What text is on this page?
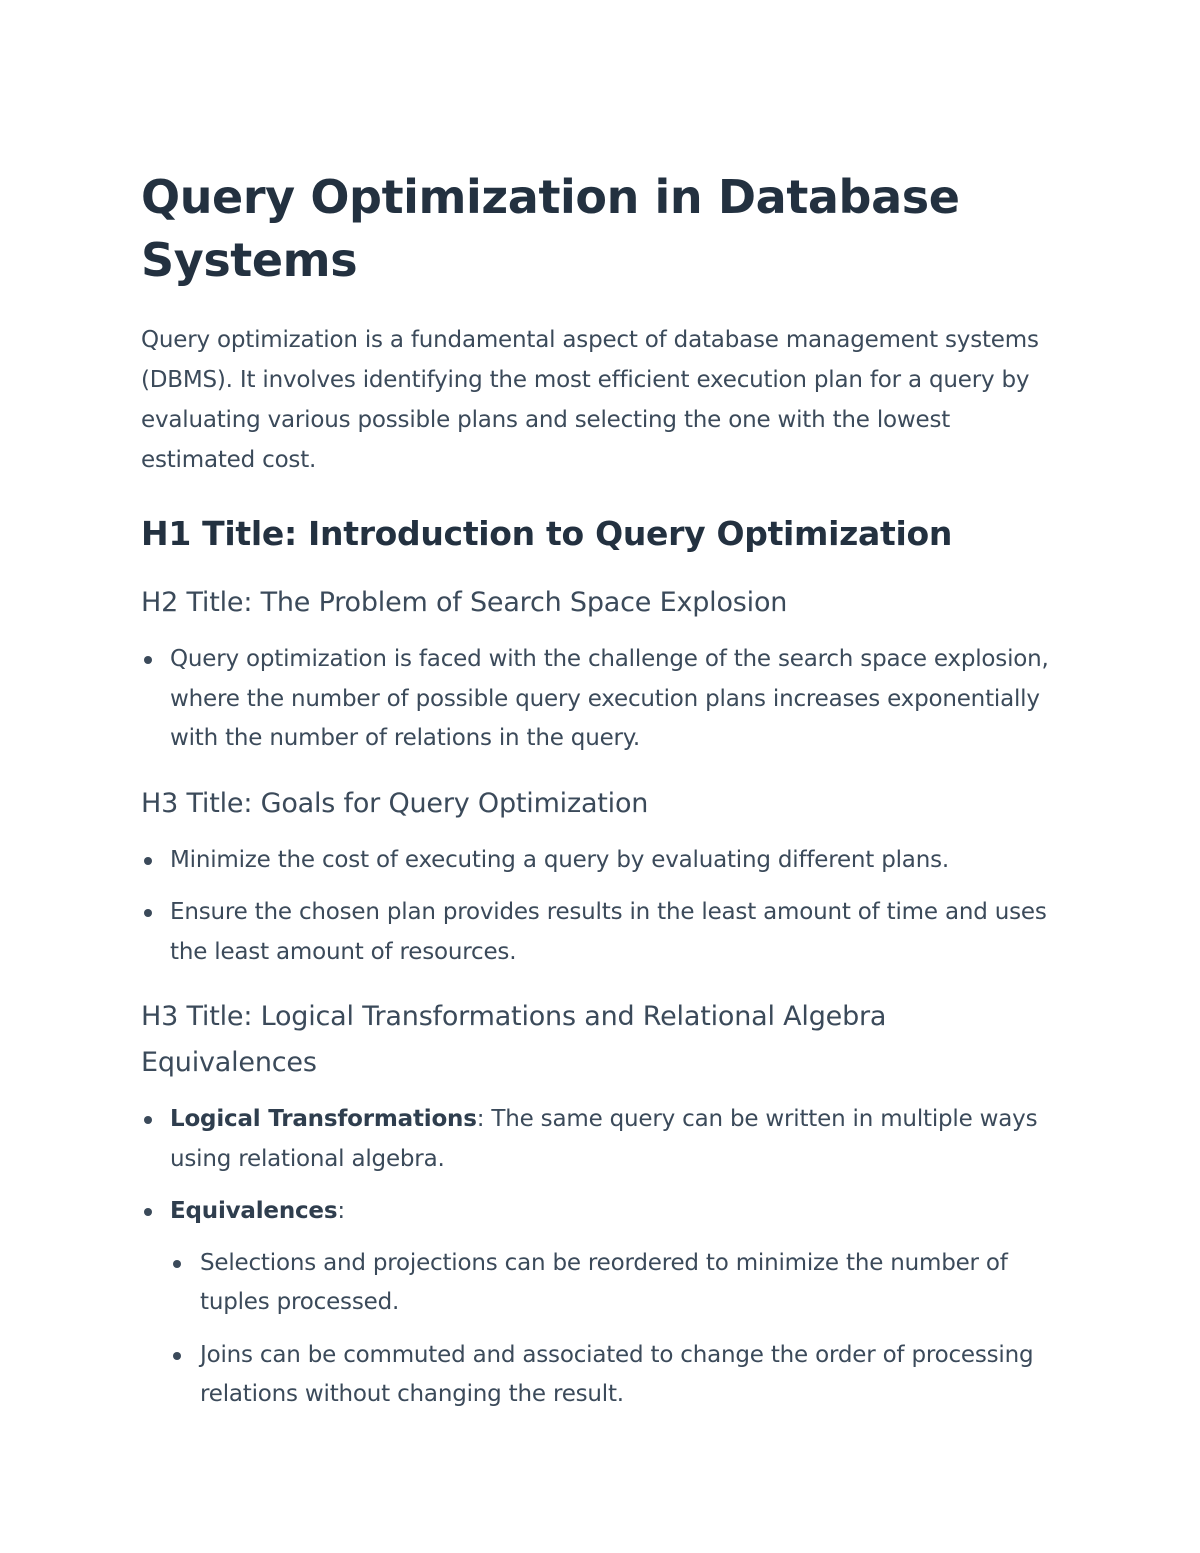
Query Optimization in Database Systems

Query optimization is a fundamental aspect of database management systems (DBMS). It involves identifying the most efficient execution plan for a query by evaluating various possible plans and selecting the one with the lowest estimated cost.

H1 Title: Introduction to Query Optimization
H2 Title: The Problem of Search Space Explosion
Query optimization is faced with the challenge of the search space explosion, where the number of possible query execution plans increases exponentially with the number of relations in the query.
H3 Title: Goals for Query Optimization
Minimize the cost of executing a query by evaluating different plans.
Ensure the chosen plan provides results in the least amount of time and uses the least amount of resources.
H3 Title: Logical Transformations and Relational Algebra Equivalences
Logical Transformations: The same query can be written in multiple ways using relational algebra.
Equivalences:
Selections and projections can be reordered to minimize the number of tuples processed.
Joins can be commuted and associated to change the order of processing relations without changing the result.
